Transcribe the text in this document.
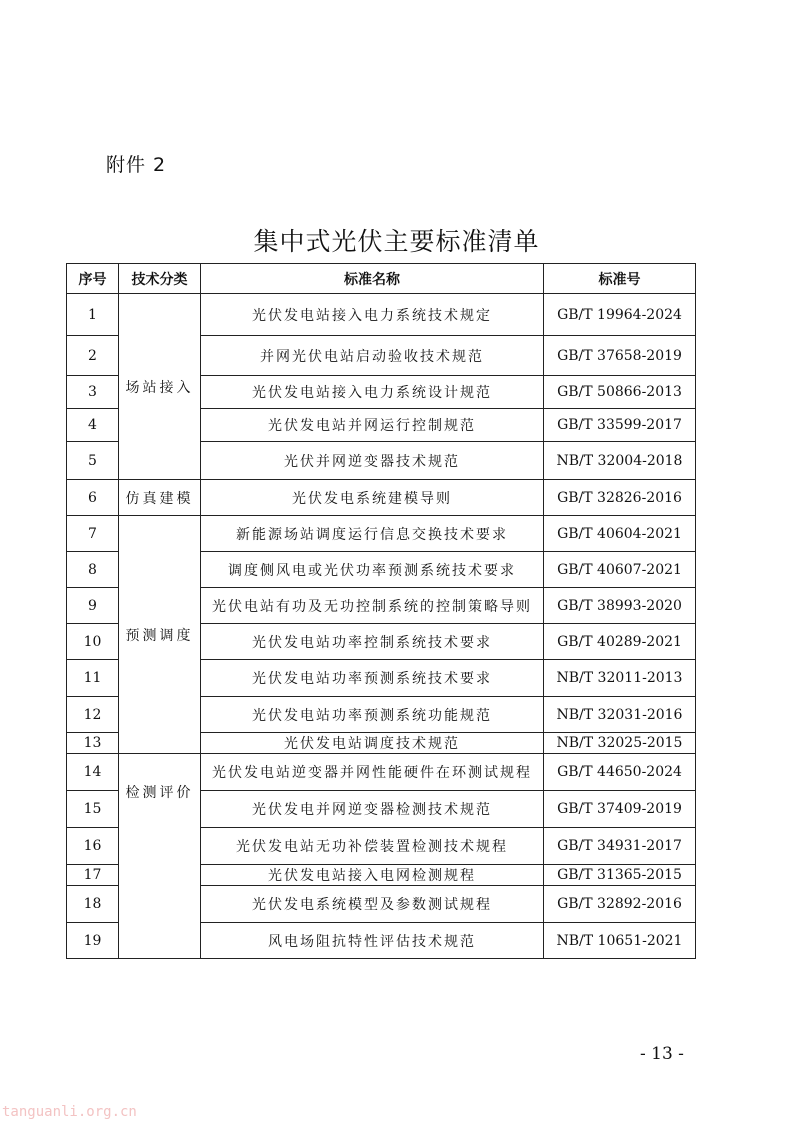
附件 2
集中式光伏主要标准清单
序号	技术分类	标准名称	标准号
1	场站接入	光伏发电站接入电力系统技术规定	GB/T 19964-2024
2		并网光伏电站启动验收技术规范	GB/T 37658-2019
3		光伏发电站接入电力系统设计规范	GB/T 50866-2013
4		光伏发电站并网运行控制规范	GB/T 33599-2017
5		光伏并网逆变器技术规范	NB/T 32004-2018
6	仿真建模	光伏发电系统建模导则	GB/T 32826-2016
7	预测调度	新能源场站调度运行信息交换技术要求	GB/T 40604-2021
8		调度侧风电或光伏功率预测系统技术要求	GB/T 40607-2021
9		光伏电站有功及无功控制系统的控制策略导则	GB/T 38993-2020
10		光伏发电站功率控制系统技术要求	GB/T 40289-2021
11		光伏发电站功率预测系统技术要求	NB/T 32011-2013
12		光伏发电站功率预测系统功能规范	NB/T 32031-2016
13		光伏发电站调度技术规范	NB/T 32025-2015
14	检测评价	光伏发电站逆变器并网性能硬件在环测试规程	GB/T 44650-2024
15		光伏发电并网逆变器检测技术规范	GB/T 37409-2019
16		光伏发电站无功补偿装置检测技术规程	GB/T 34931-2017
17		光伏发电站接入电网检测规程	GB/T 31365-2015
18		光伏发电系统模型及参数测试规程	GB/T 32892-2016
19		风电场阻抗特性评估技术规范	NB/T 10651-2021
- 13 -
tanguanli.org.cn
